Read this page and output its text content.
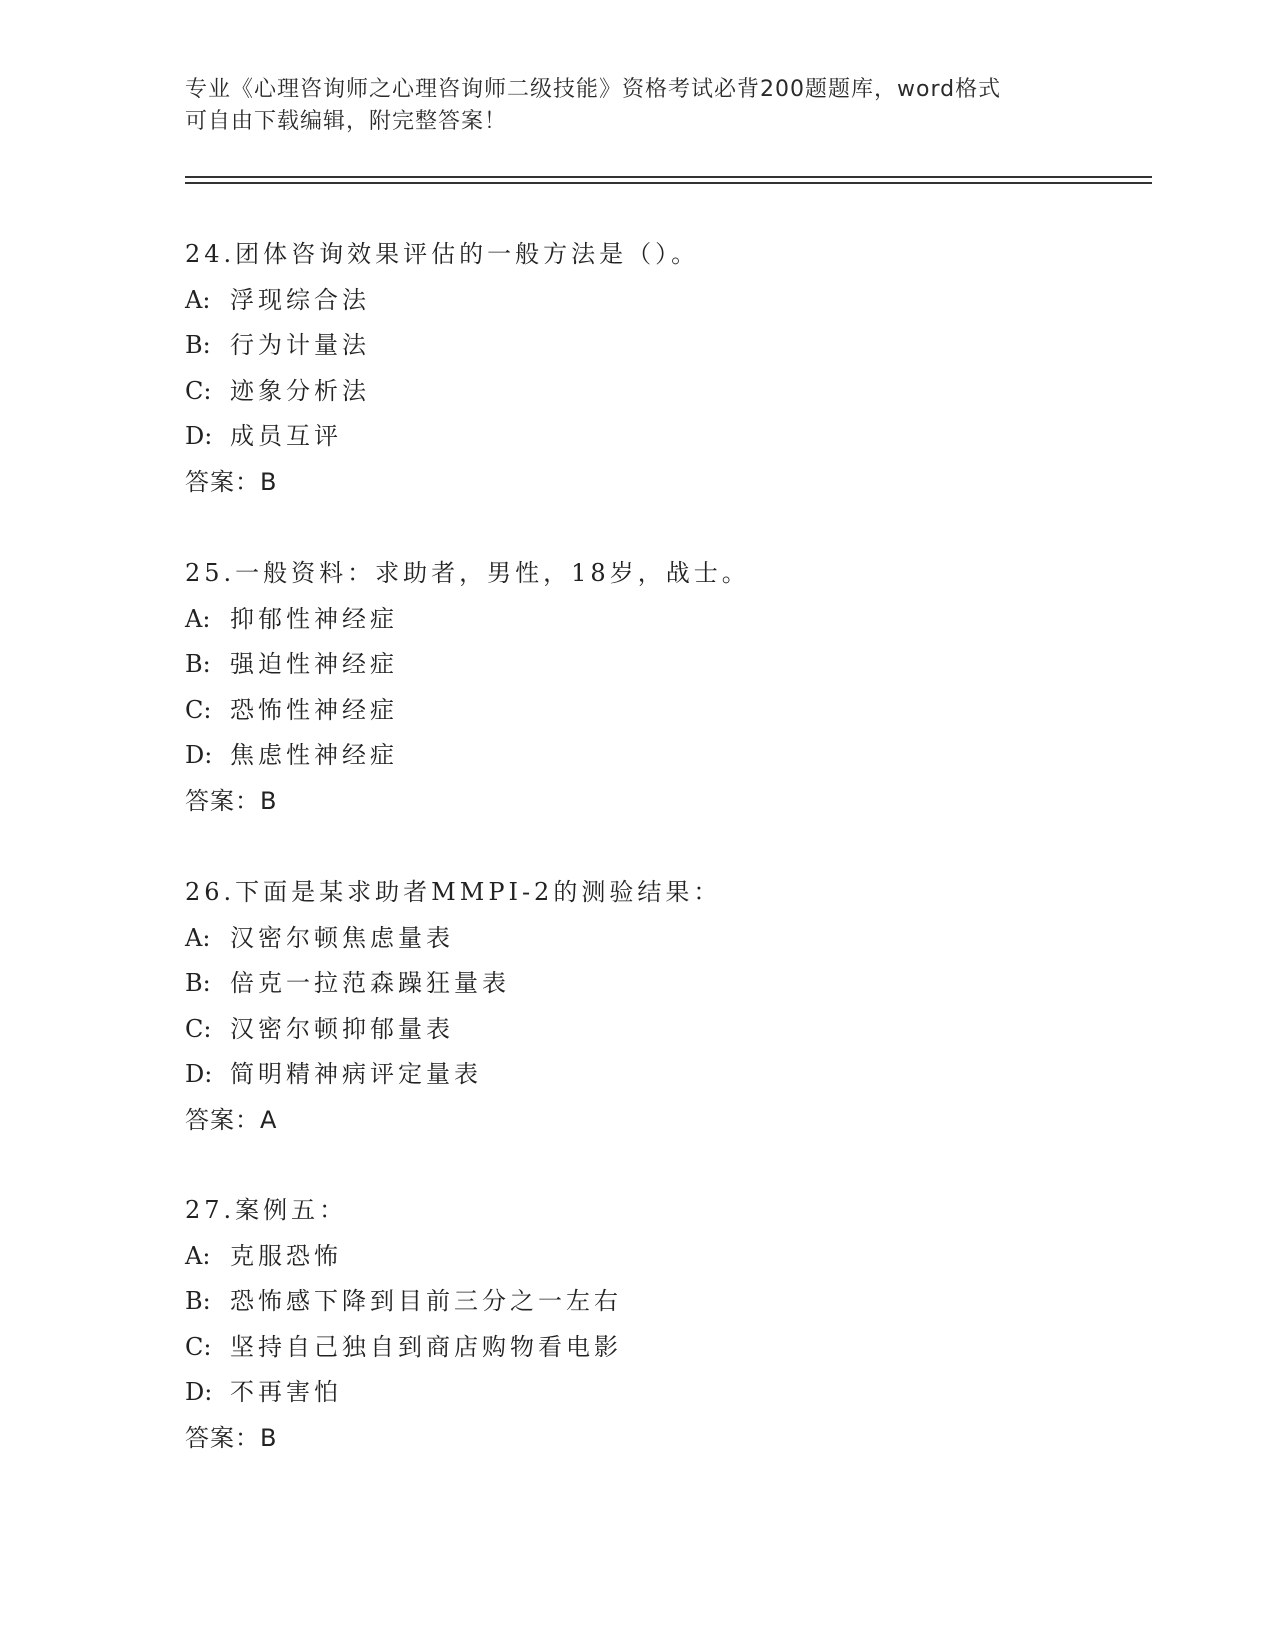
专业《心理咨询师之心理咨询师二级技能》资格考试必背200题题库，word格式
可自由下载编辑，附完整答案！
24.团体咨询效果评估的一般方法是（）。
A: 浮现综合法
B: 行为计量法
C: 迹象分析法
D: 成员互评
答案：B
25.一般资料：求助者，男性，18岁，战士。
A: 抑郁性神经症
B: 强迫性神经症
C: 恐怖性神经症
D: 焦虑性神经症
答案：B
26.下面是某求助者MMPI-2的测验结果：
A: 汉密尔顿焦虑量表
B: 倍克一拉范森躁狂量表
C: 汉密尔顿抑郁量表
D: 简明精神病评定量表
答案：A
27.案例五：
A: 克服恐怖
B: 恐怖感下降到目前三分之一左右
C: 坚持自己独自到商店购物看电影
D: 不再害怕
答案：B
